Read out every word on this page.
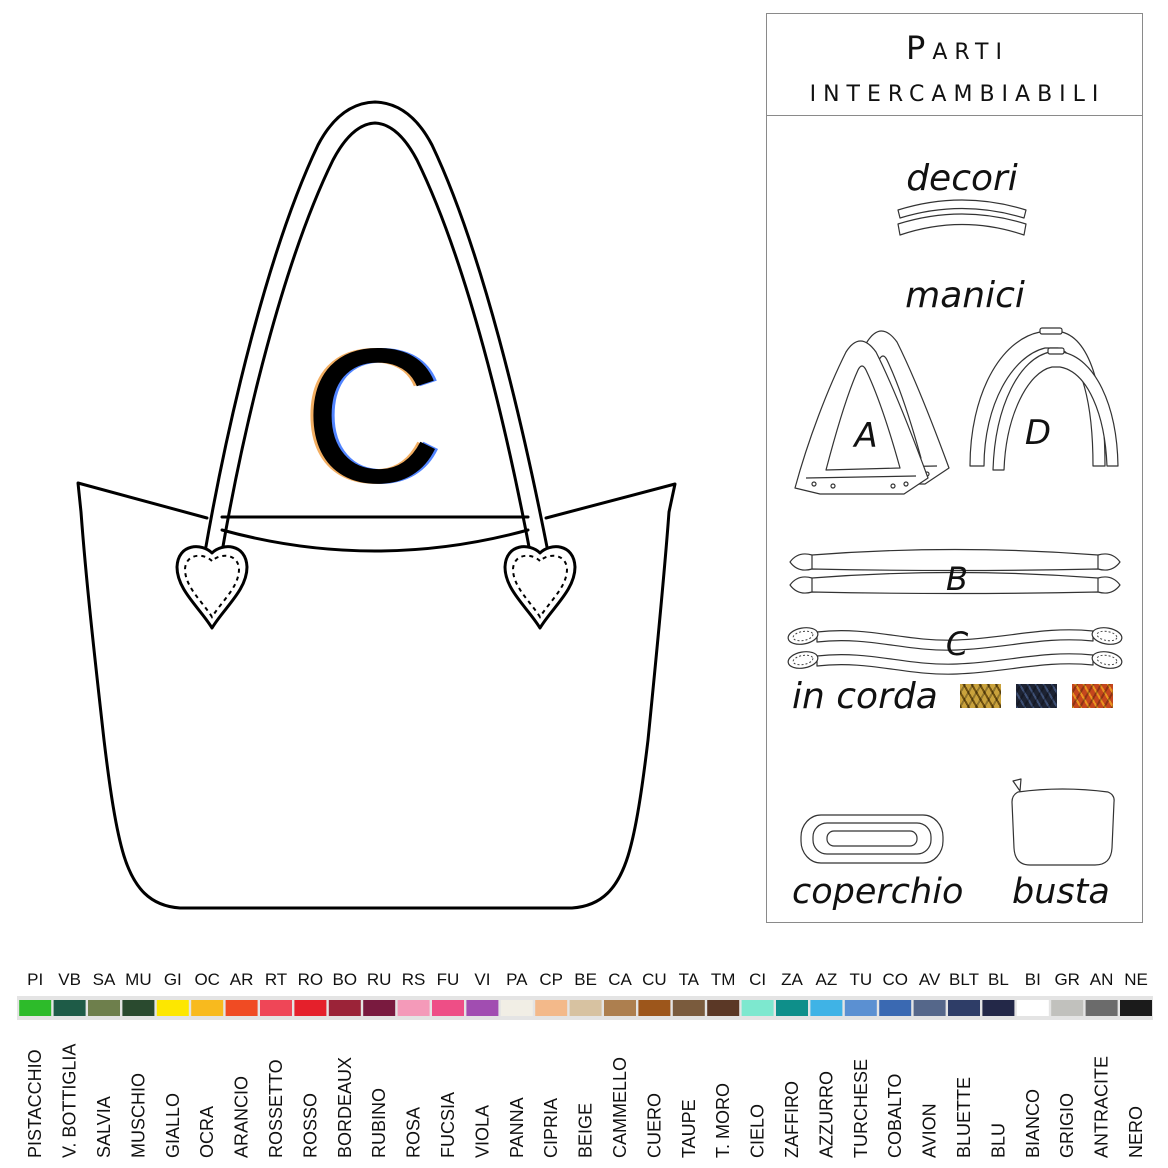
decori
manici
A	D
B
C
in corda
coperchio busta
PI
PISTACCHIO
VB
V. BOTTIGLIA
SA
SALVIA
MU
MUSCHIO
GI
GIALLO
OC
OCRA
AR
ARANCIO
RT
ROSSETTO
RO
ROSSO
BO
BORDEAUX
RU
RUBINO
RS
ROSA
FU
FUCSIA
VI
VIOLA
PA
PANNA
CP
CIPRIA
BE
BEIGE
CA
CAMMELLO
CU
CUERO
TA
TAUPE
TM
T. MORO
CI
CIELO
ZA
ZAFFIRO
AZ
AZZURRO
TU
TURCHESE
CO
COBALTO
AV
AVION
BLT
BLUETTE
BL
BLU
BI
BIANCO
GR
GRIGIO
AN
ANTRACITE
NE
NERO
Parti
intercambiabili
C
